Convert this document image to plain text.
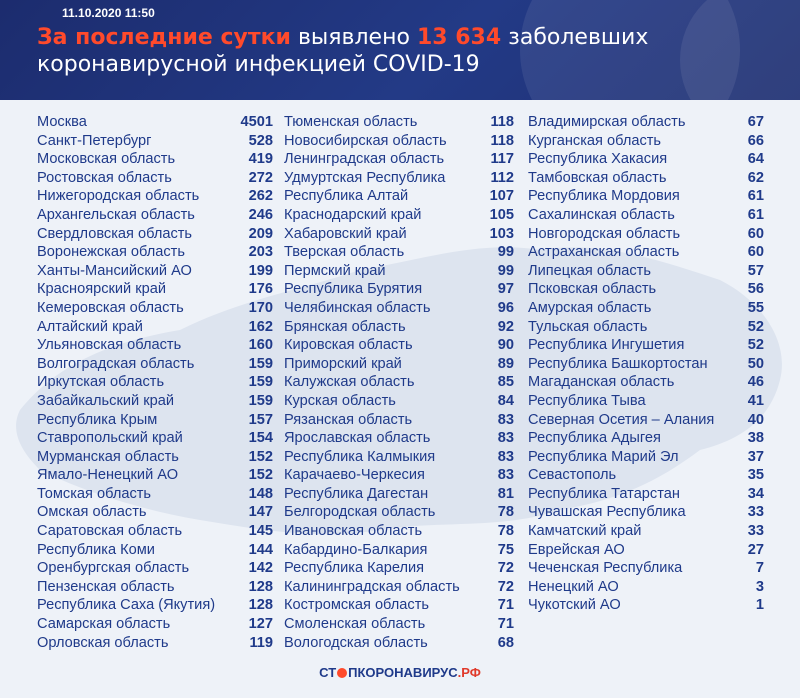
11.10.2020 11:50
За последние сутки выявлено 13 634 заболевших
коронавирусной инфекцией COVID-19
Москва	4501
Санкт-Петербург	528
Московская область	419
Ростовская область	272
Нижегородская область	262
Архангельская область	246
Свердловская область	209
Воронежская область	203
Ханты-Мансийский АО	199
Красноярский край	176
Кемеровская область	170
Алтайский край	162
Ульяновская область	160
Волгоградская область	159
Иркутская область	159
Забайкальский край	159
Республика Крым	157
Ставропольский край	154
Мурманская область	152
Ямало-Ненецкий АО	152
Томская область	148
Омская область	147
Саратовская область	145
Республика Коми	144
Оренбургская область	142
Пензенская область	128
Республика Саха (Якутия) 128
Самарская область	127
Орловская область	119
Тюменская область	118
Новосибирская область	118
Ленинградская область	117
Удмуртская Республика	112
Республика Алтай	107
Краснодарский край	105
Хабаровский край	103
Тверская область	99
Пермский край	99
Республика Бурятия	97
Челябинская область	96
Брянская область	92
Кировская область	90
Приморский край	89
Калужская область	85
Курская область	84
Рязанская область	83
Ярославская область	83
Республика Калмыкия	83
Карачаево-Черкесия	83
Республика Дагестан	81
Белгородская область	78
Ивановская область	78
Кабардино-Балкария	75
Республика Карелия	72
Калининградская область	72
Костромская область	71
Смоленская область	71
Вологодская область	68
Владимирская область	67
Курганская область	66
Республика Хакасия	64
Тамбовская область	62
Республика Мордовия	61
Сахалинская область	61
Новгородская область	60
Астраханская область	60
Липецкая область	57
Псковская область	56
Амурская область	55
Тульская область	52
Республика Ингушетия	52
Республика Башкортостан	50
Магаданская область	46
Республика Тыва	41
Северная Осетия – Алания 40
Республика Адыгея	38
Республика Марий Эл	37
Севастополь	35
Республика Татарстан	34
Чувашская Республика	33
Камчатский край	33
Еврейская АО	27
Чеченская Республика	7
Ненецкий АО	3
Чукотский АО	1
СТ ПКОРОНАВИРУС.РФ
